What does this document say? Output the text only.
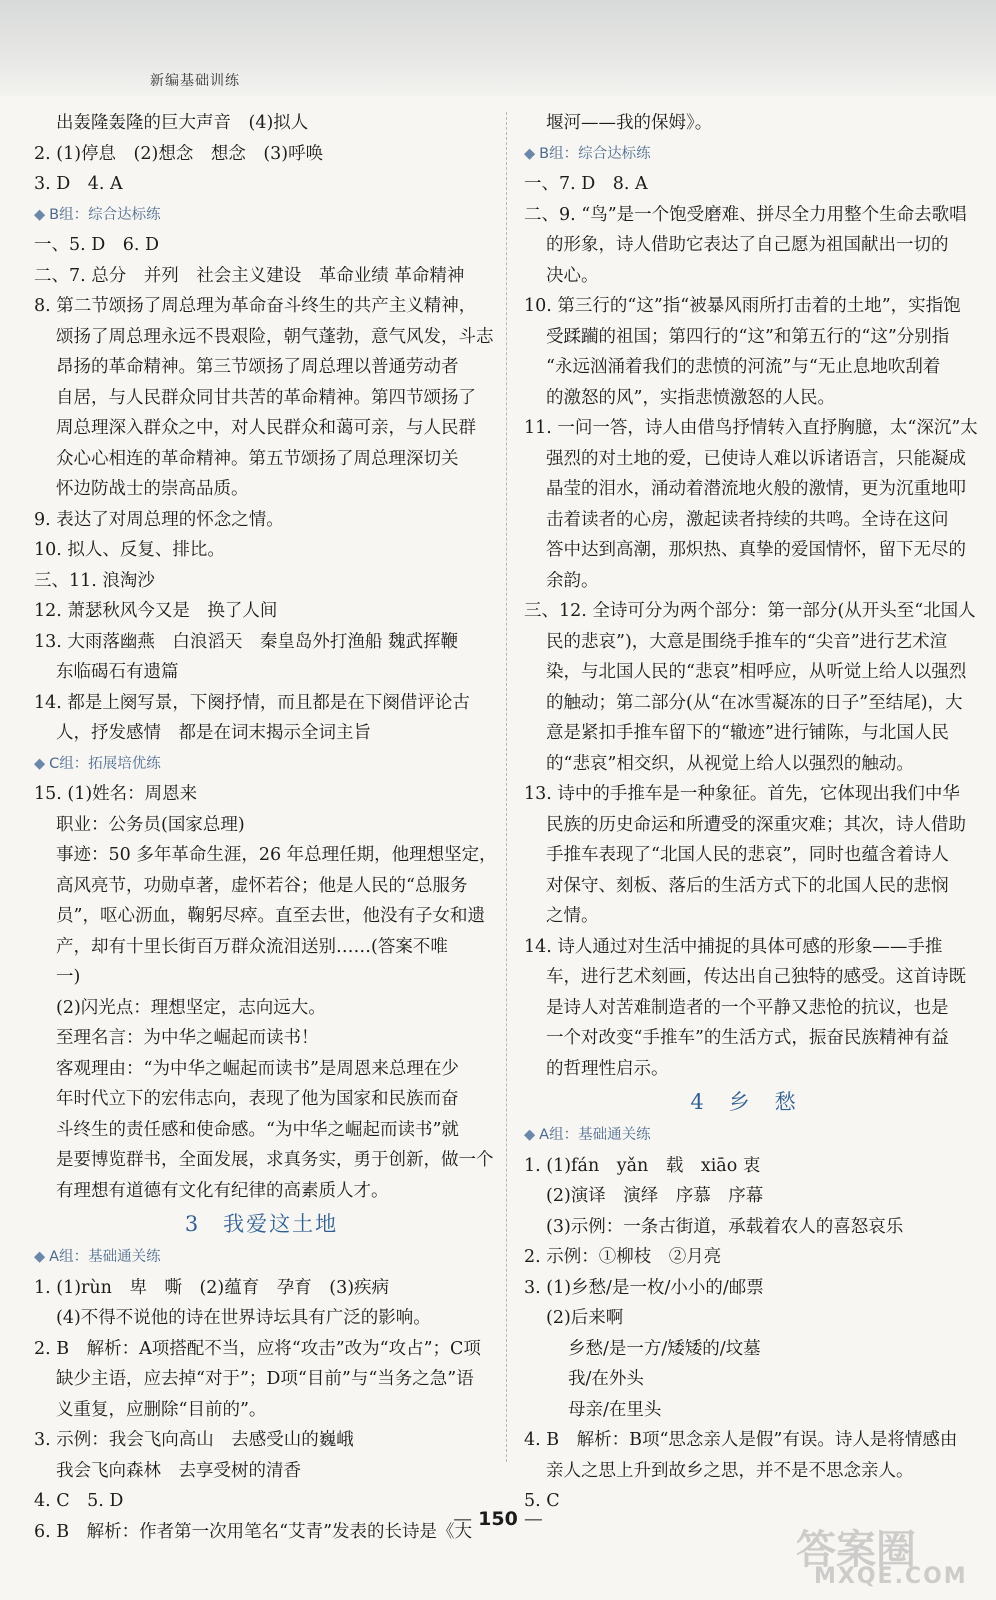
新编基础训练
出轰隆轰隆的巨大声音　(4)拟人
2. (1)停息　(2)想念　想念　(3)呼唤
3. D　4. A
◆ B组：综合达标练
一、5. D　6. D
二、7. 总分　并列　社会主义建设　革命业绩 革命精神
8. 第二节颂扬了周总理为革命奋斗终生的共产主义精神，
颂扬了周总理永远不畏艰险，朝气蓬勃，意气风发，斗志
昂扬的革命精神。第三节颂扬了周总理以普通劳动者
自居，与人民群众同甘共苦的革命精神。第四节颂扬了
周总理深入群众之中，对人民群众和蔼可亲，与人民群
众心心相连的革命精神。第五节颂扬了周总理深切关
怀边防战士的崇高品质。
9. 表达了对周总理的怀念之情。
10. 拟人、反复、排比。
三、11. 浪淘沙
12. 萧瑟秋风今又是　换了人间
13. 大雨落幽燕　白浪滔天　秦皇岛外打渔船 魏武挥鞭
东临碣石有遗篇
14. 都是上阕写景，下阕抒情，而且都是在下阕借评论古
人，抒发感情　都是在词末揭示全词主旨
◆ C组：拓展培优练
15. (1)姓名：周恩来
职业：公务员(国家总理)
事迹：50 多年革命生涯，26 年总理任期，他理想坚定，
高风亮节，功勋卓著，虚怀若谷；他是人民的“总服务
员”，呕心沥血，鞠躬尽瘁。直至去世，他没有子女和遗
产，却有十里长街百万群众流泪送别……(答案不唯
一)
(2)闪光点：理想坚定，志向远大。
至理名言：为中华之崛起而读书！
客观理由：“为中华之崛起而读书”是周恩来总理在少
年时代立下的宏伟志向，表现了他为国家和民族而奋
斗终生的责任感和使命感。“为中华之崛起而读书”就
是要博览群书，全面发展，求真务实，勇于创新，做一个
有理想有道德有文化有纪律的高素质人才。
3　我爱这土地
◆ A组：基础通关练
1. (1)rùn　卑　嘶　(2)蕴育　孕育　(3)疾病
(4)不得不说他的诗在世界诗坛具有广泛的影响。
2. B　解析：A项搭配不当，应将“攻击”改为“攻占”；C项
缺少主语，应去掉“对于”；D项“目前”与“当务之急”语
义重复，应删除“目前的”。
3. 示例：我会飞向高山　去感受山的巍峨
我会飞向森林　去享受树的清香
4. C　5. D
6. B　解析：作者第一次用笔名“艾青”发表的长诗是《大
堰河——我的保姆》。
◆ B组：综合达标练
一、7. D　8. A
二、9. “鸟”是一个饱受磨难、拼尽全力用整个生命去歌唱
的形象，诗人借助它表达了自己愿为祖国献出一切的
决心。
10. 第三行的“这”指“被暴风雨所打击着的土地”，实指饱
受蹂躏的祖国；第四行的“这”和第五行的“这”分别指
“永远汹涌着我们的悲愤的河流”与“无止息地吹刮着
的激怒的风”，实指悲愤激怒的人民。
11. 一问一答，诗人由借鸟抒情转入直抒胸臆，太“深沉”太
强烈的对土地的爱，已使诗人难以诉诸语言，只能凝成
晶莹的泪水，涌动着潜流地火般的激情，更为沉重地叩
击着读者的心房，激起读者持续的共鸣。全诗在这问
答中达到高潮，那炽热、真挚的爱国情怀，留下无尽的
余韵。
三、12. 全诗可分为两个部分：第一部分(从开头至“北国人
民的悲哀”)，大意是围绕手推车的“尖音”进行艺术渲
染，与北国人民的“悲哀”相呼应，从听觉上给人以强烈
的触动；第二部分(从“在冰雪凝冻的日子”至结尾)，大
意是紧扣手推车留下的“辙迹”进行铺陈，与北国人民
的“悲哀”相交织，从视觉上给人以强烈的触动。
13. 诗中的手推车是一种象征。首先，它体现出我们中华
民族的历史命运和所遭受的深重灾难；其次，诗人借助
手推车表现了“北国人民的悲哀”，同时也蕴含着诗人
对保守、刻板、落后的生活方式下的北国人民的悲悯
之情。
14. 诗人通过对生活中捕捉的具体可感的形象——手推
车，进行艺术刻画，传达出自己独特的感受。这首诗既
是诗人对苦难制造者的一个平静又悲怆的抗议，也是
一个对改变“手推车”的生活方式，振奋民族精神有益
的哲理性启示。
4　乡　愁
◆ A组：基础通关练
1. (1)fán　yǎn　载　xiāo 衷
(2)演译　演绎　序慕　序幕
(3)示例：一条古街道，承载着农人的喜怒哀乐
2. 示例：①柳枝　②月亮
3. (1)乡愁/是一枚/小小的/邮票
(2)后来啊
乡愁/是一方/矮矮的/坟墓
我/在外头
母亲/在里头
4. B　解析：B项“思念亲人是假”有误。诗人是将情感由
亲人之思上升到故乡之思，并不是不思念亲人。
5. C
— 150 —
答案圈
MXQE.COM
